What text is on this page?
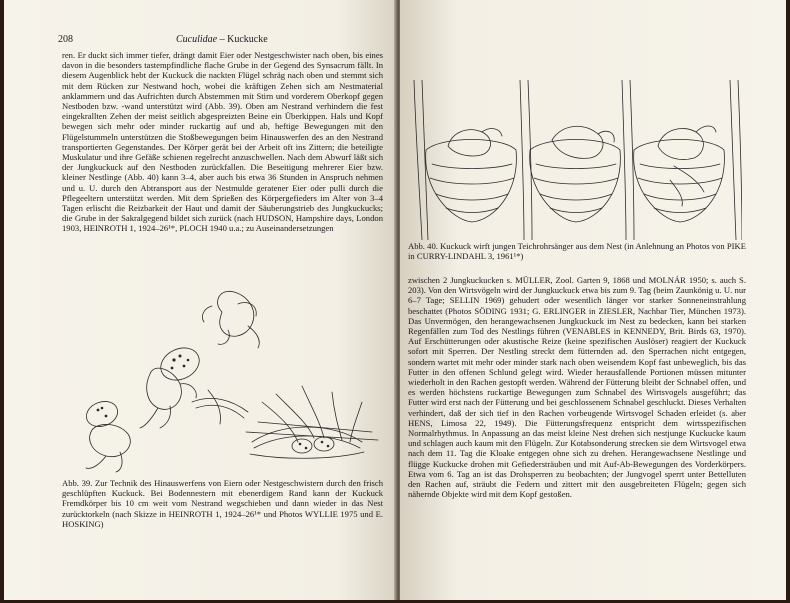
208	Cuculidae – Kuckucke

ren. Er duckt sich immer tiefer, drängt damit Eier oder Nestgeschwister nach oben, bis eines davon in die besonders tastempfindliche flache Grube in der Gegend des Synsacrum fällt. In diesem Augenblick hebt der Kuckuck die nackten Flügel schräg nach oben und stemmt sich mit dem Rücken zur Nestwand hoch, wobei die kräftigen Zehen sich am Nestmaterial anklammern und das Aufrichten durch Abstemmen mit Stirn und vorderem Oberkopf gegen Nestboden bzw. -wand unterstützt wird (Abb. 39). Oben am Nestrand verhindern die fest eingekrallten Zehen der meist seitlich abgespreizten Beine ein Überkippen. Hals und Kopf bewegen sich mehr oder minder ruckartig auf und ab, heftige Bewegungen mit den Flügelstummeln unterstützen die Stoßbewegungen beim Hinauswerfen des an den Nestrand transportierten Gegenstandes. Der Körper gerät bei der Arbeit oft ins Zittern; die beteiligte Muskulatur und ihre Gefäße schienen regelrecht anzuschwellen. Nach dem Abwurf läßt sich der Jungkuckuck auf den Nestboden zurückfallen. Die Beseitigung mehrerer Eier bzw. kleiner Nestlinge (Abb. 40) kann 3–4, aber auch bis etwa 36 Stunden in Anspruch nehmen und u. U. durch den Abtransport aus der Nestmulde geratener Eier oder pulli durch die Pflegeeltern unterstützt werden. Mit dem Sprießen des Körpergefieders im Alter von 3–4 Tagen erlischt die Reizbarkeit der Haut und damit der Säuberungstrieb des Jungkuckucks; die Grube in der Sakralgegend bildet sich zurück (nach HUDSON, Hampshire days, London 1903, HEINROTH 1, 1924–26¹*, PLOCH 1940 u.a.; zu Auseinandersetzungen

Abb. 39. Zur Technik des Hinauswerfens von Eiern oder Nestgeschwistern durch den frisch geschlüpften Kuckuck. Bei Bodennestern mit ebenerdigem Rand kann der Kuckuck Fremdkörper bis 10 cm weit vom Nestrand wegschieben und dann wieder in das Nest zurücktorkeln (nach Skizze in HEINROTH 1, 1924–26¹* und Photos WYLLIE 1975 und E. HOSKING)

Abb. 40. Kuckuck wirft jungen Teichrohrsänger aus dem Nest (in Anlehnung an Photos von PIKE in CURRY-LINDAHL 3, 1961¹*)

zwischen 2 Jungkuckucken s. MÜLLER, Zool. Garten 9, 1868 und MOLNÁR 1950; s. auch S. 203). Von den Wirtsvögeln wird der Jungkuckuck etwa bis zum 9. Tag (beim Zaunkönig u. U. nur 6–7 Tage; SELLIN 1969) gehudert oder wesentlich länger vor starker Sonneneinstrahlung beschattet (Photos SÖDING 1931; G. ERLINGER in ZIESLER, Nachbar Tier, München 1973). Das Unvermögen, den herangewachsenen Jungkuckuck im Nest zu bedecken, kann bei starken Regenfällen zum Tod des Nestlings führen (VENABLES in KENNEDY, Brit. Birds 63, 1970). Auf Erschütterungen oder akustische Reize (keine spezifischen Auslöser) reagiert der Kuckuck sofort mit Sperren. Der Nestling streckt dem fütternden ad. den Sperrachen nicht entgegen, sondern wartet mit mehr oder minder stark nach oben weisendem Kopf fast unbeweglich, bis das Futter in den offenen Schlund gelegt wird. Wieder herausfallende Portionen müssen mitunter wiederholt in den Rachen gestopft werden. Während der Fütterung bleibt der Schnabel offen, und es werden höchstens ruckartige Bewegungen zum Schnabel des Wirtsvogels ausgeführt; das Futter wird erst nach der Fütterung und bei geschlossenem Schnabel geschluckt. Dieses Verhalten verhindert, daß der sich tief in den Rachen vorbeugende Wirtsvogel Schaden erleidet (s. aber HENS, Limosa 22, 1949). Die Fütterungsfrequenz entspricht dem wirtsspezifischen Normalrhythmus. In Anpassung an das meist kleine Nest drehen sich nestjunge Kuckucke kaum und schlagen auch kaum mit den Flügeln. Zur Kotabsonderung strecken sie dem Wirtsvogel etwa nach dem 11. Tag die Kloake entgegen ohne sich zu drehen. Herangewachsene Nestlinge und flügge Kuckucke drohen mit Gefiedersträuben und mit Auf-Ab-Bewegungen des Vorderkörpers. Etwa vom 6. Tag an ist das Drohsperren zu beobachten; der Jungvogel sperrt unter Bettelluten den Rachen auf, sträubt die Federn und zittert mit den ausgebreiteten Flügeln; gegen sich nähernde Objekte wird mit dem Kopf gestoßen.
